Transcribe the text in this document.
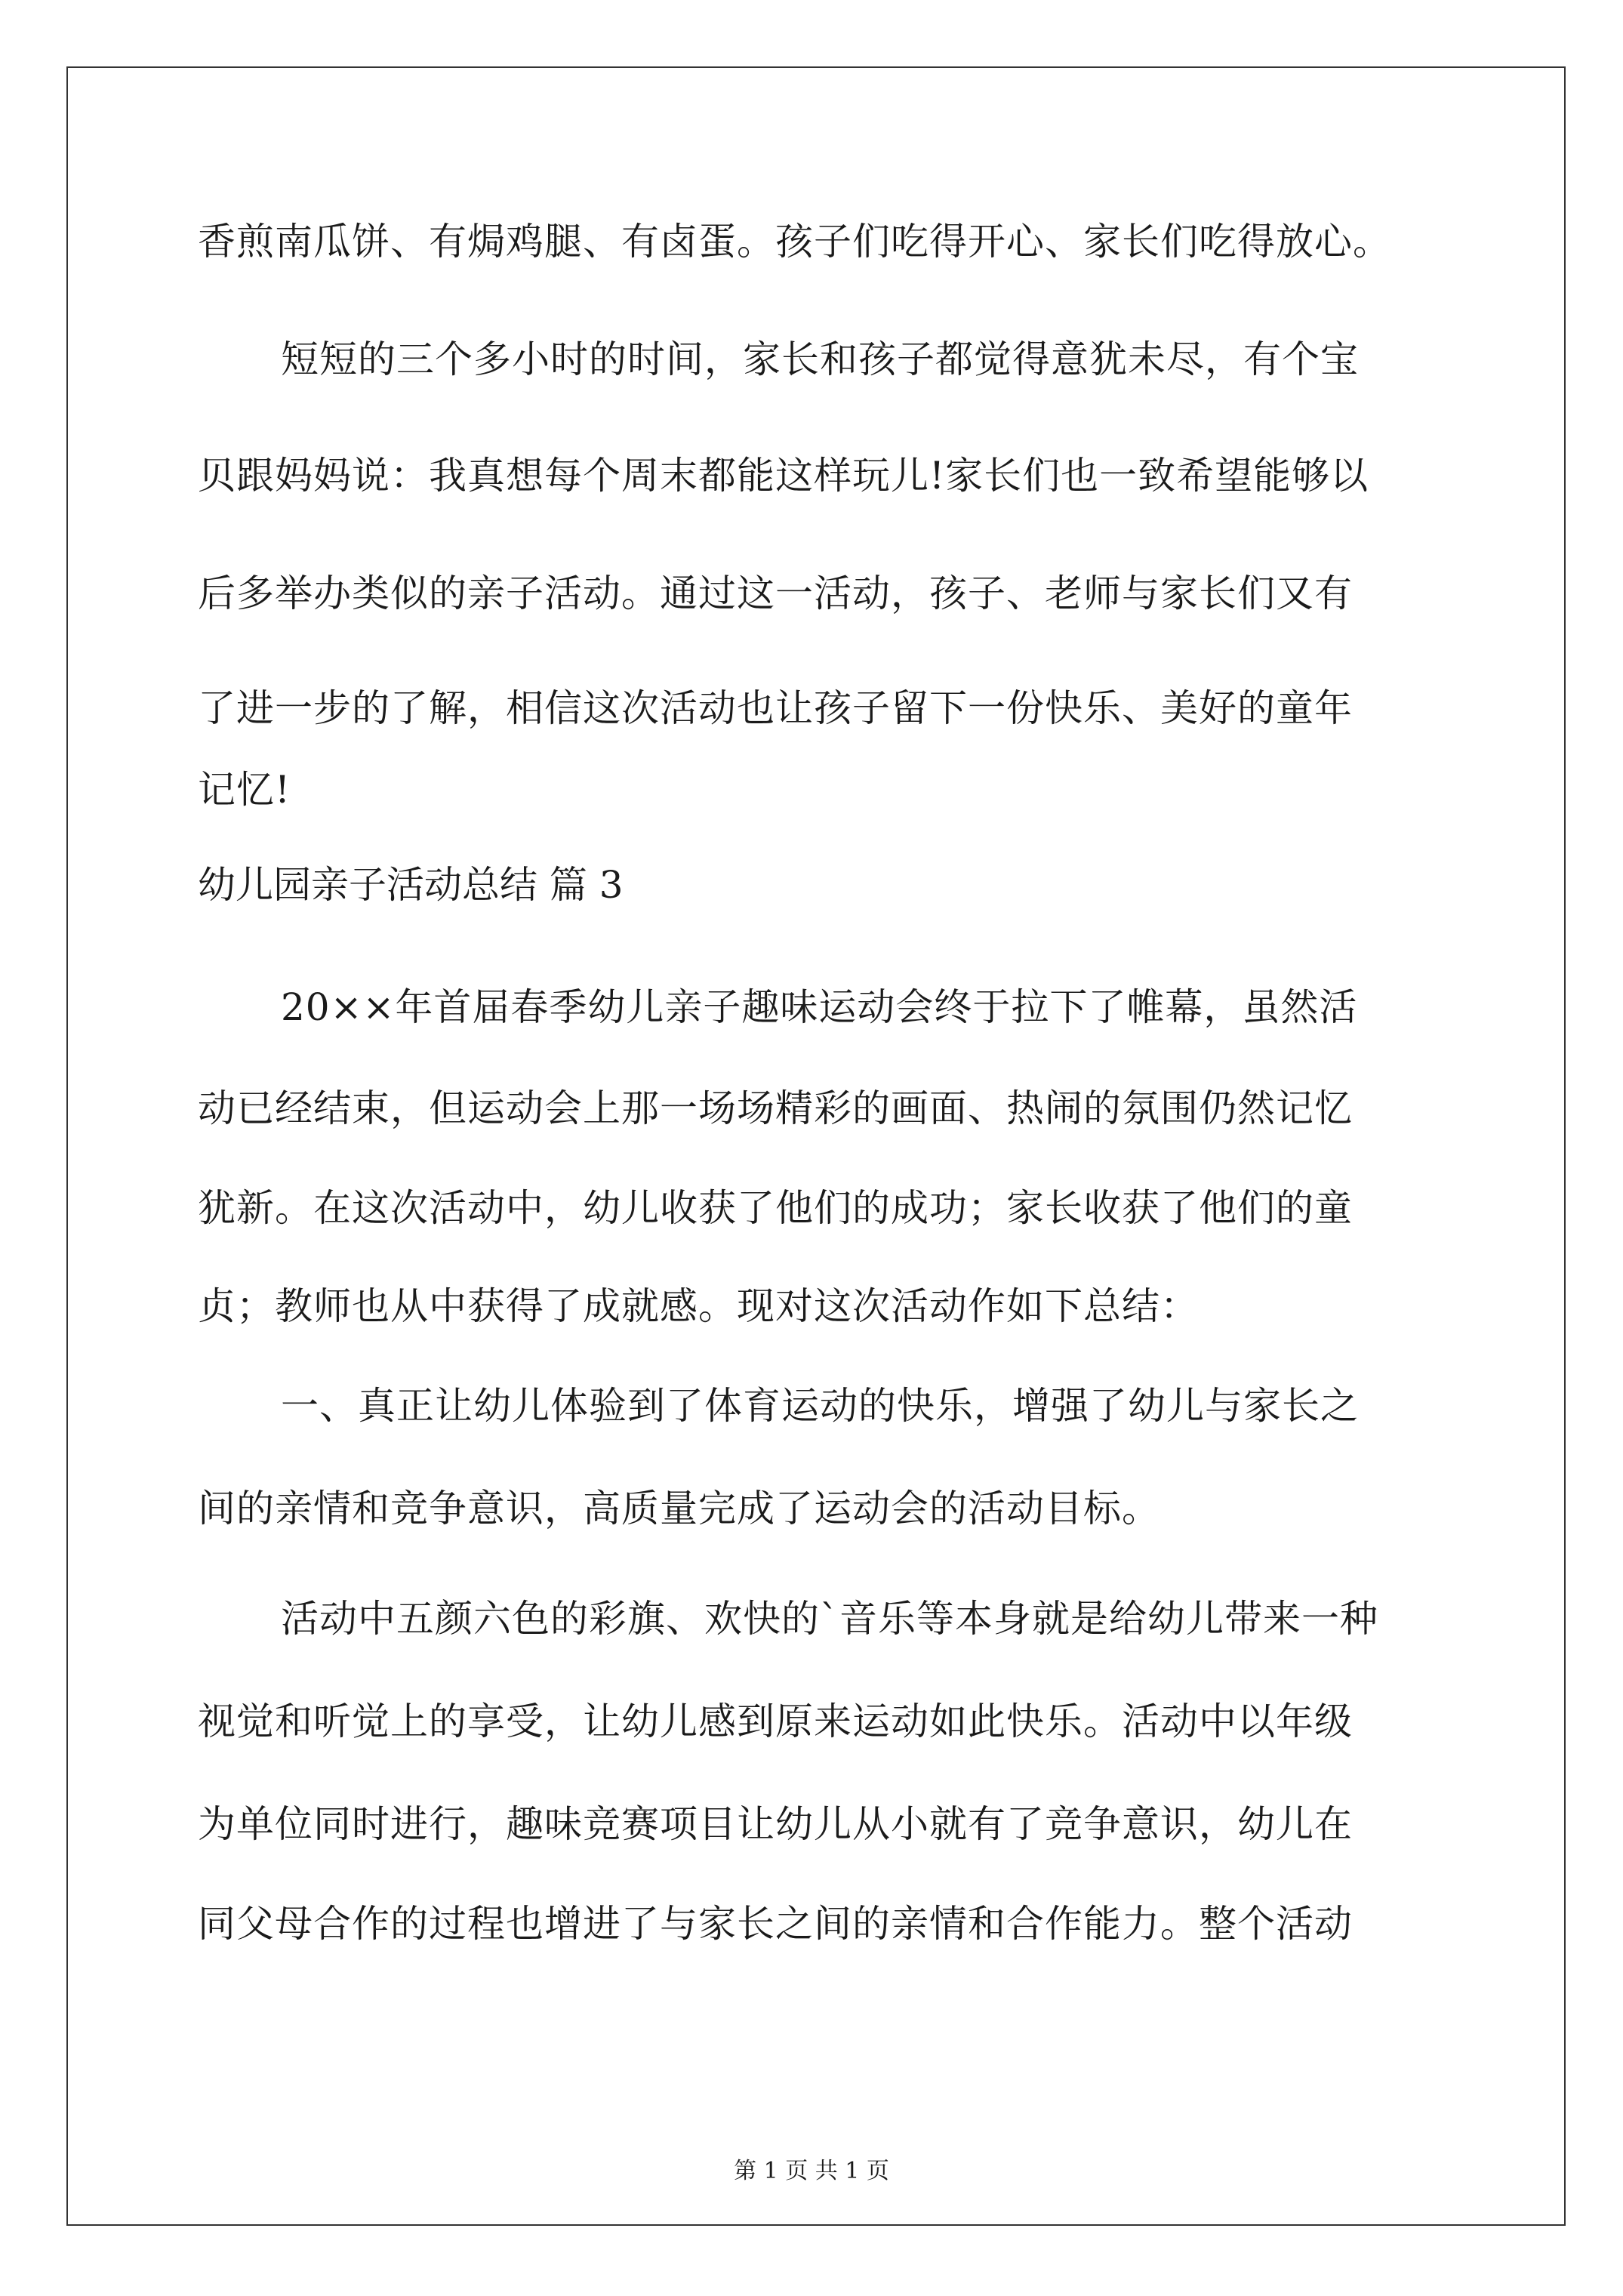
香煎南瓜饼、有焗鸡腿、有卤蛋。孩子们吃得开心、家长们吃得放心。
短短的三个多小时的时间，家长和孩子都觉得意犹未尽，有个宝
贝跟妈妈说：我真想每个周末都能这样玩儿!家长们也一致希望能够以
后多举办类似的亲子活动。通过这一活动，孩子、老师与家长们又有
了进一步的了解，相信这次活动也让孩子留下一份快乐、美好的童年
记忆!
幼儿园亲子活动总结 篇 3
20××年首届春季幼儿亲子趣味运动会终于拉下了帷幕，虽然活
动已经结束，但运动会上那一场场精彩的画面、热闹的氛围仍然记忆
犹新。在这次活动中，幼儿收获了他们的成功；家长收获了他们的童
贞；教师也从中获得了成就感。现对这次活动作如下总结：
一、真正让幼儿体验到了体育运动的快乐，增强了幼儿与家长之
间的亲情和竞争意识，高质量完成了运动会的活动目标。
活动中五颜六色的彩旗、欢快的`音乐等本身就是给幼儿带来一种
视觉和听觉上的享受，让幼儿感到原来运动如此快乐。活动中以年级
为单位同时进行，趣味竞赛项目让幼儿从小就有了竞争意识，幼儿在
同父母合作的过程也增进了与家长之间的亲情和合作能力。整个活动
第 1 页 共 1 页
